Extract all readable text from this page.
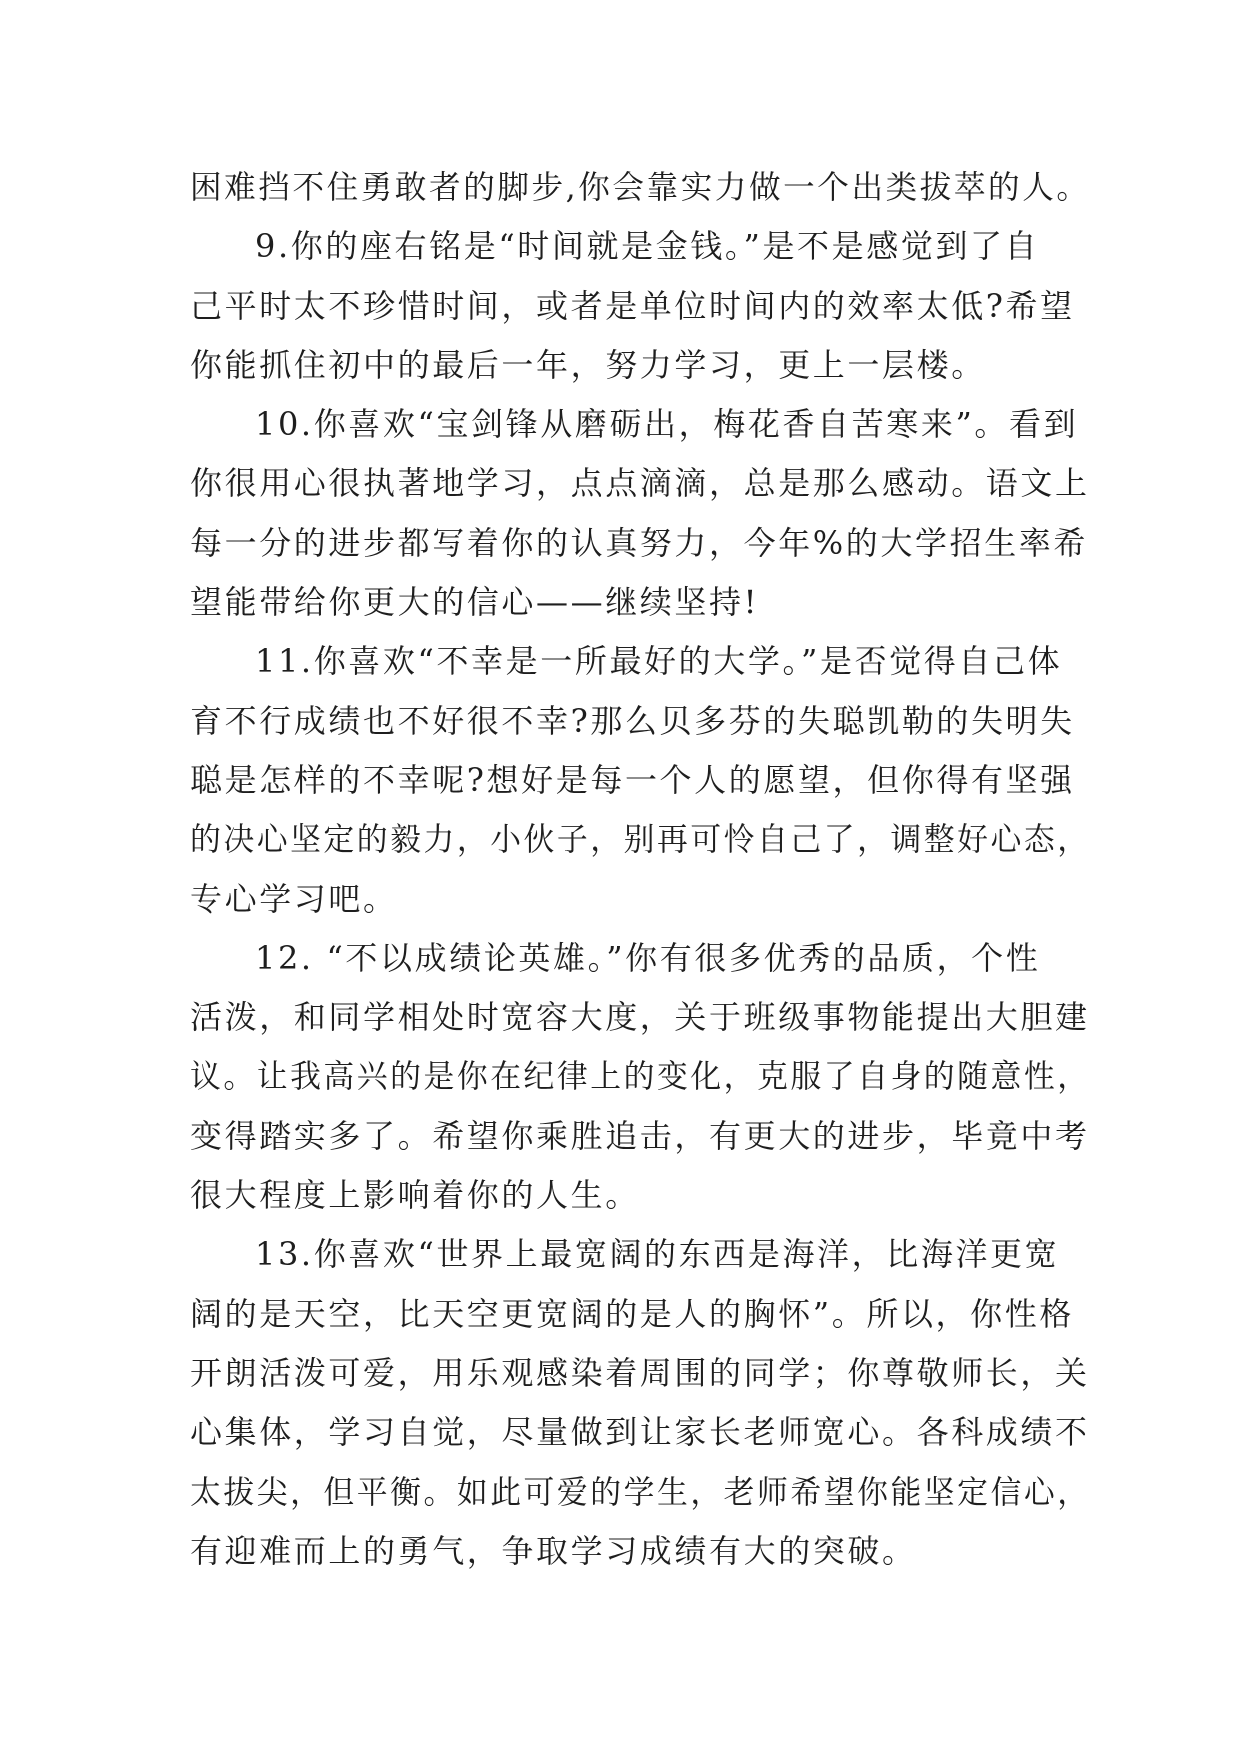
困难挡不住勇敢者的脚步,你会靠实力做一个出类拔萃的人。
9.你的座右铭是“时间就是金钱。”是不是感觉到了自
己平时太不珍惜时间，或者是单位时间内的效率太低?希望
你能抓住初中的最后一年，努力学习，更上一层楼。
10.你喜欢“宝剑锋从磨砺出，梅花香自苦寒来”。看到
你很用心很执著地学习，点点滴滴，总是那么感动。语文上
每一分的进步都写着你的认真努力，今年%的大学招生率希
望能带给你更大的信心——继续坚持!
11.你喜欢“不幸是一所最好的大学。”是否觉得自己体
育不行成绩也不好很不幸?那么贝多芬的失聪凯勒的失明失
聪是怎样的不幸呢?想好是每一个人的愿望，但你得有坚强
的决心坚定的毅力，小伙子，别再可怜自己了，调整好心态，
专心学习吧。
12. “不以成绩论英雄。”你有很多优秀的品质，个性
活泼，和同学相处时宽容大度，关于班级事物能提出大胆建
议。让我高兴的是你在纪律上的变化，克服了自身的随意性，
变得踏实多了。希望你乘胜追击，有更大的进步，毕竟中考
很大程度上影响着你的人生。
13.你喜欢“世界上最宽阔的东西是海洋，比海洋更宽
阔的是天空，比天空更宽阔的是人的胸怀”。所以，你性格
开朗活泼可爱，用乐观感染着周围的同学；你尊敬师长，关
心集体，学习自觉，尽量做到让家长老师宽心。各科成绩不
太拔尖，但平衡。如此可爱的学生，老师希望你能坚定信心，
有迎难而上的勇气，争取学习成绩有大的突破。
